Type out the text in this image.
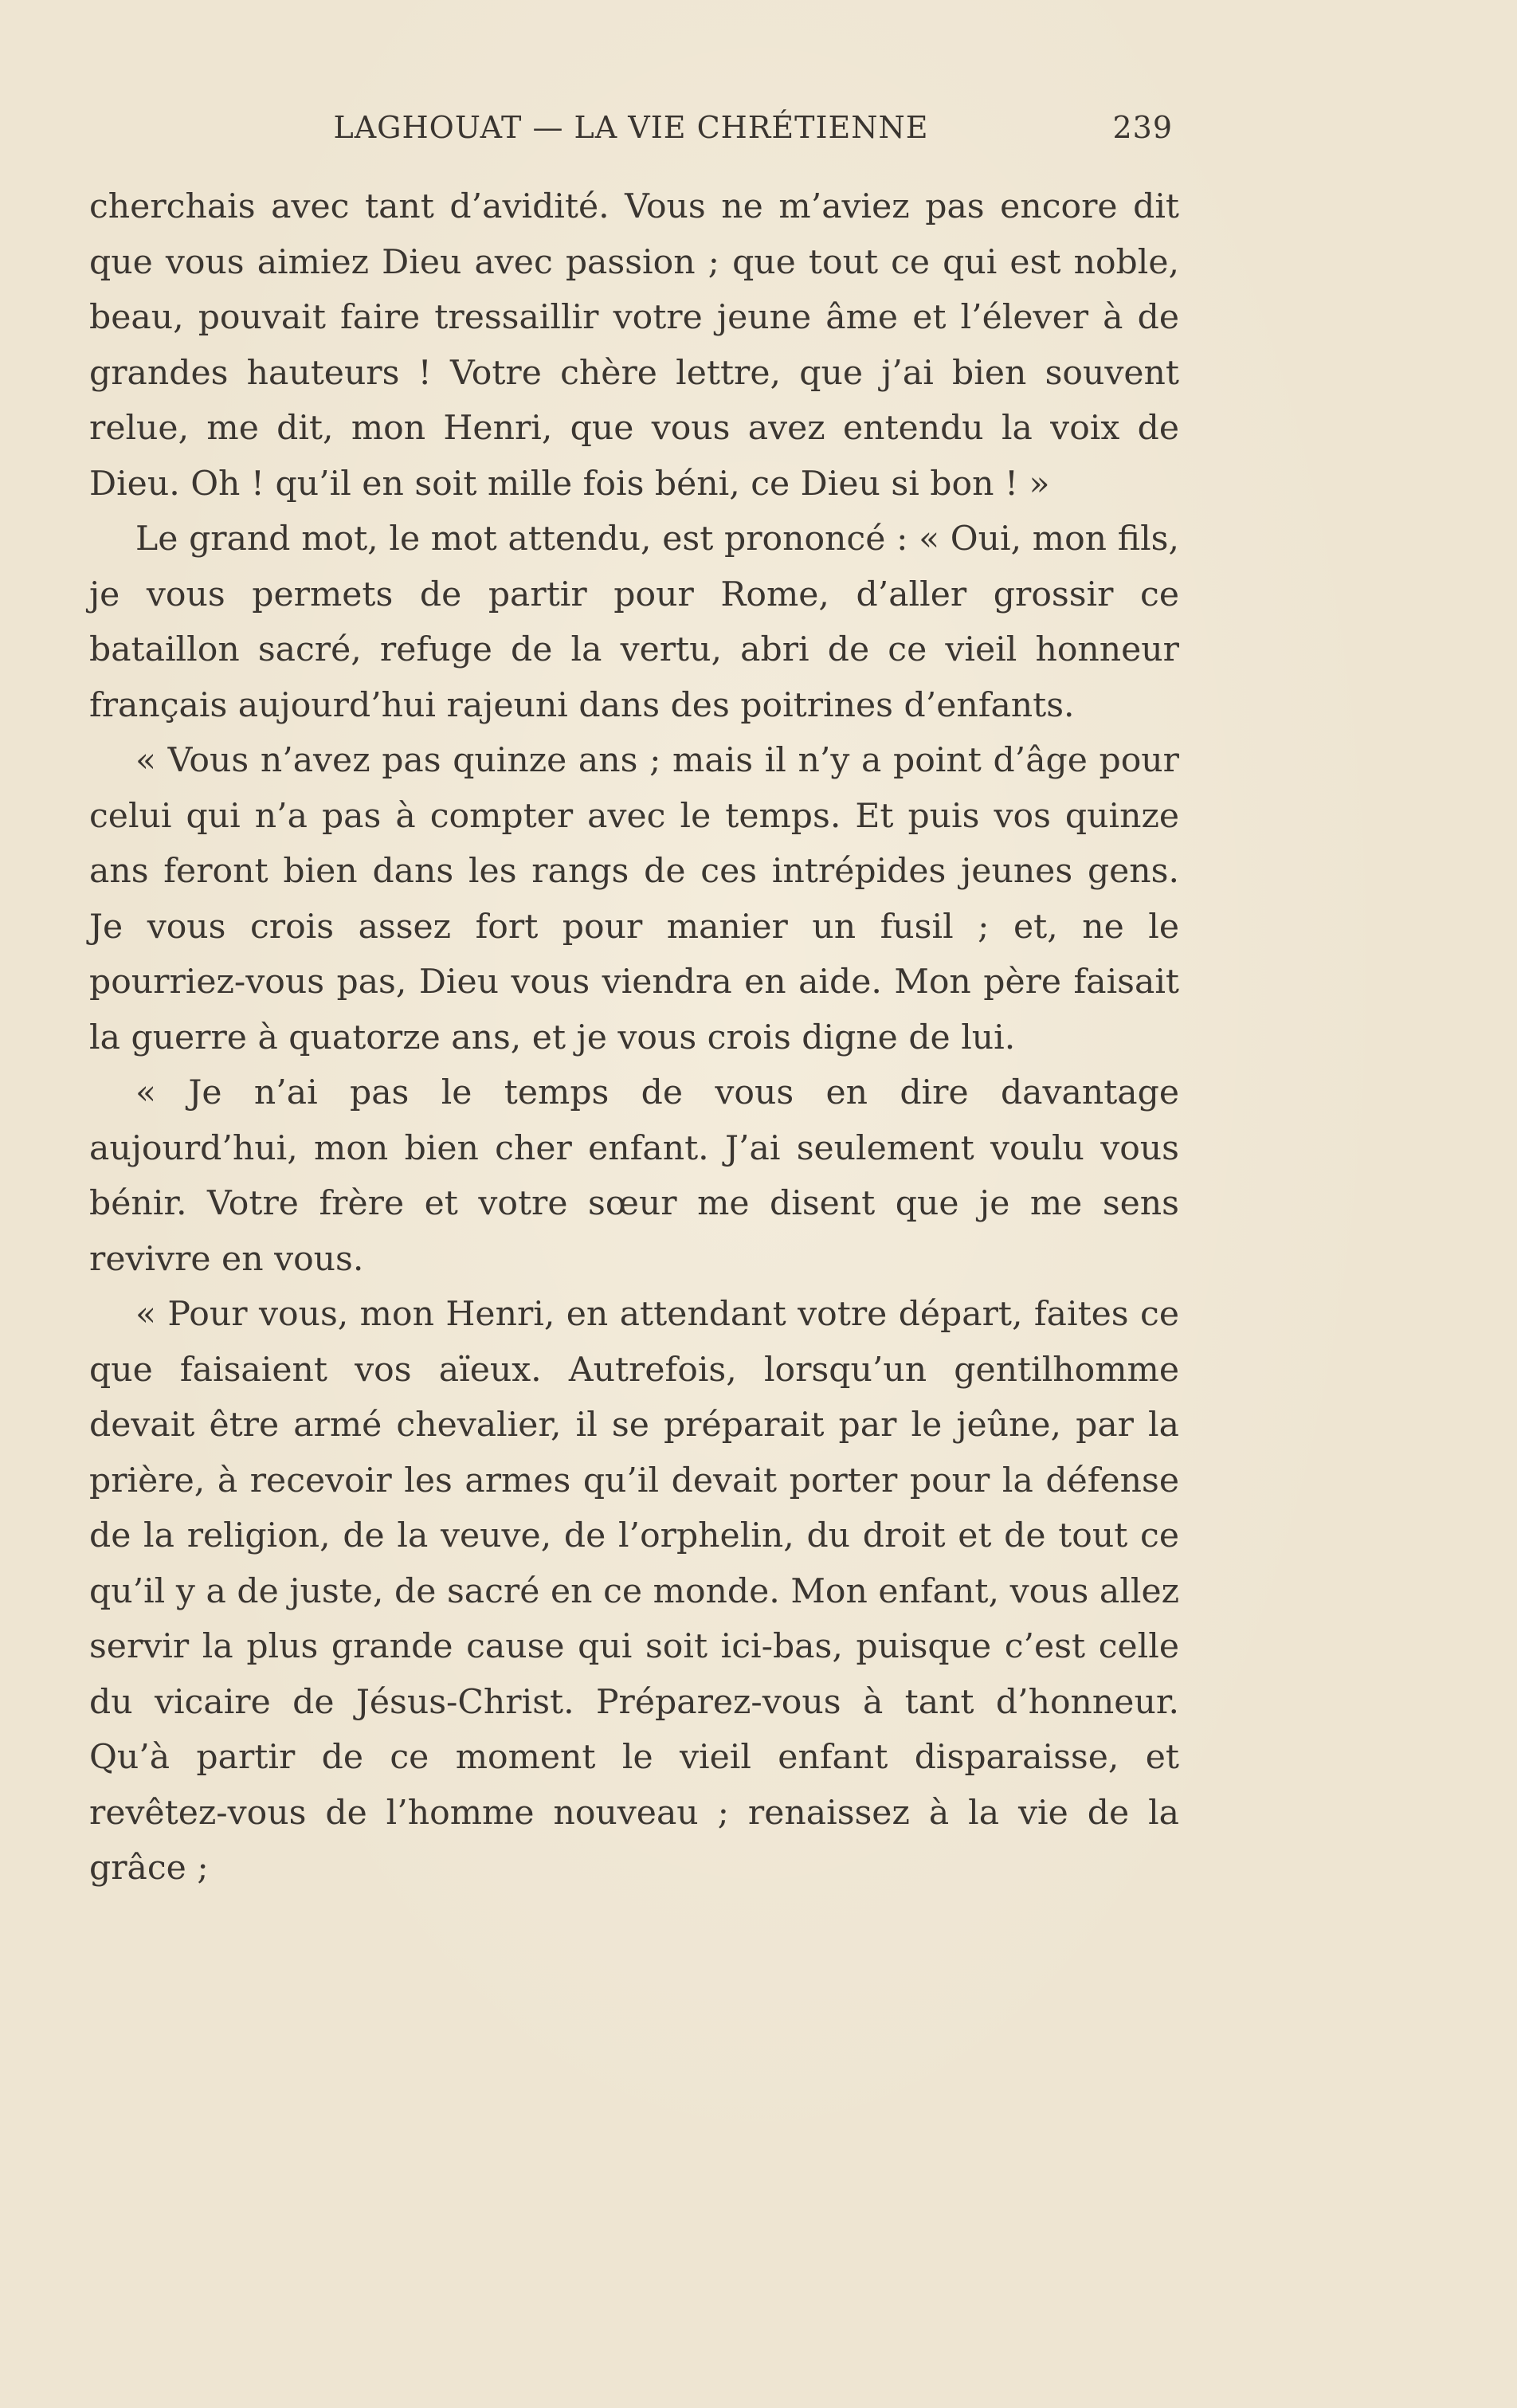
LAGHOUAT — LA VIE CHRÉTIENNE	239

cherchais avec tant d’avidité. Vous ne m’aviez pas encore dit que vous aimiez Dieu avec passion ; que tout ce qui est noble, beau, pouvait faire tressaillir votre jeune âme et l’élever à de grandes hauteurs ! Votre chère lettre, que j’ai bien souvent relue, me dit, mon Henri, que vous avez entendu la voix de Dieu. Oh ! qu’il en soit mille fois béni, ce Dieu si bon ! »

Le grand mot, le mot attendu, est prononcé : « Oui, mon fils, je vous permets de partir pour Rome, d’aller grossir ce bataillon sacré, refuge de la vertu, abri de ce vieil honneur français aujourd’hui rajeuni dans des poitrines d’enfants.

« Vous n’avez pas quinze ans ; mais il n’y a point d’âge pour celui qui n’a pas à compter avec le temps. Et puis vos quinze ans feront bien dans les rangs de ces intrépides jeunes gens. Je vous crois assez fort pour manier un fusil ; et, ne le pourriez-vous pas, Dieu vous viendra en aide. Mon père faisait la guerre à quatorze ans, et je vous crois digne de lui.

« Je n’ai pas le temps de vous en dire davantage aujourd’hui, mon bien cher enfant. J’ai seulement voulu vous bénir. Votre frère et votre sœur me disent que je me sens revivre en vous.

« Pour vous, mon Henri, en attendant votre départ, faites ce que faisaient vos aïeux. Autrefois, lorsqu’un gentilhomme devait être armé chevalier, il se préparait par le jeûne, par la prière, à recevoir les armes qu’il devait porter pour la défense de la religion, de la veuve, de l’orphelin, du droit et de tout ce qu’il y a de juste, de sacré en ce monde. Mon enfant, vous allez servir la plus grande cause qui soit ici-bas, puisque c’est celle du vicaire de Jésus-Christ. Préparez-vous à tant d’honneur. Qu’à partir de ce moment le vieil enfant disparaisse, et revêtez-vous de l’homme nouveau ; renaissez à la vie de la grâce ;
